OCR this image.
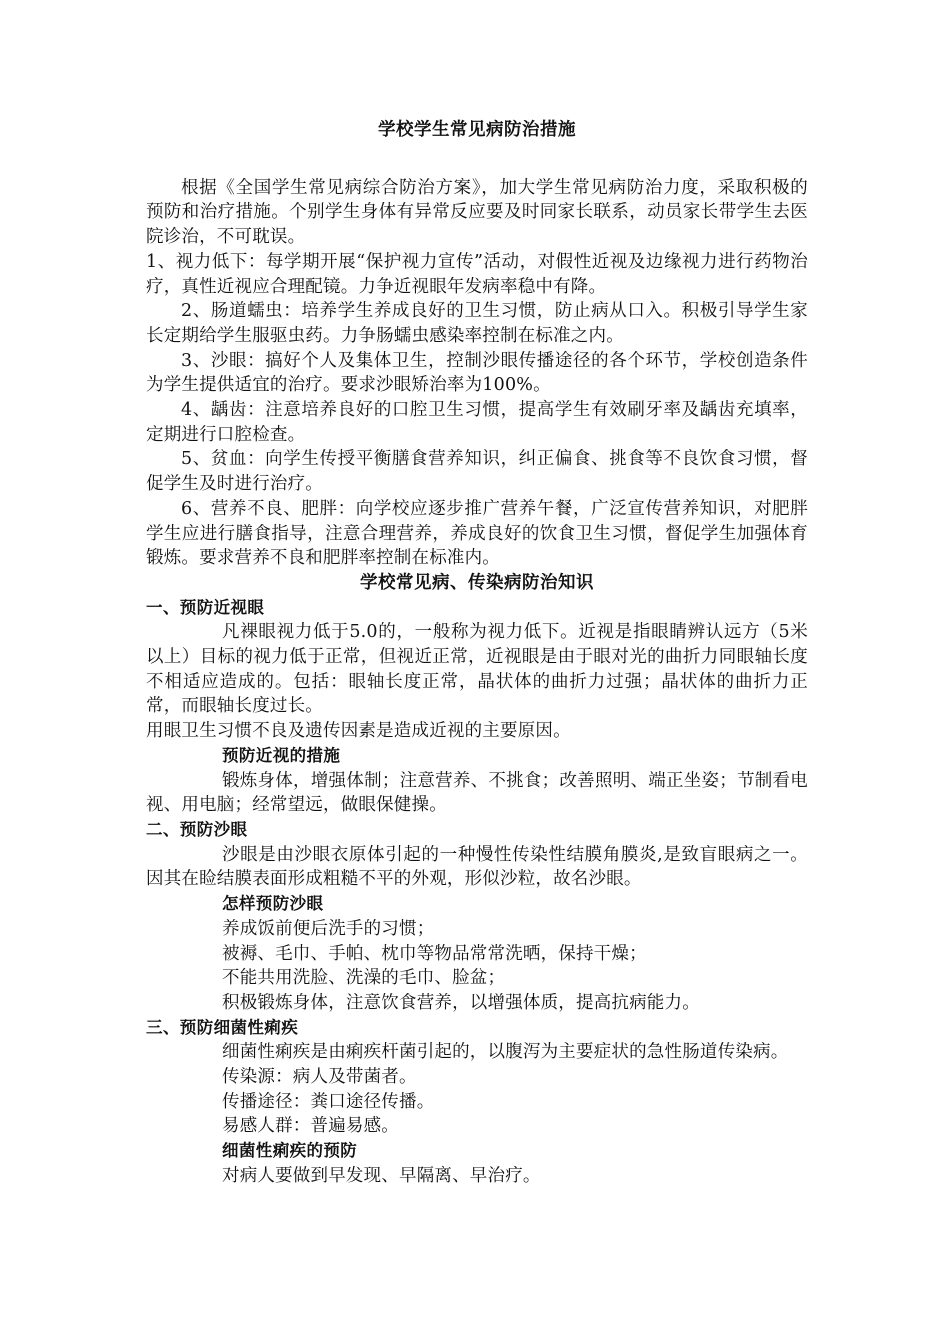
学校学生常见病防治措施

根据《全国学生常见病综合防治方案》，加大学生常见病防治力度，采取积极的预防和治疗措施。个别学生身体有异常反应要及时同家长联系，动员家长带学生去医院诊治，不可耽误。

1、视力低下：每学期开展“保护视力宣传”活动，对假性近视及边缘视力进行药物治疗，真性近视应合理配镜。力争近视眼年发病率稳中有降。

2、肠道蠕虫：培养学生养成良好的卫生习惯，防止病从口入。积极引导学生家长定期给学生服驱虫药。力争肠蠕虫感染率控制在标准之内。

3、沙眼：搞好个人及集体卫生，控制沙眼传播途径的各个环节，学校创造条件为学生提供适宜的治疗。要求沙眼矫治率为100%。

4、龋齿：注意培养良好的口腔卫生习惯，提高学生有效刷牙率及龋齿充填率，定期进行口腔检查。

5、贫血：向学生传授平衡膳食营养知识，纠正偏食、挑食等不良饮食习惯，督促学生及时进行治疗。

6、营养不良、肥胖：向学校应逐步推广营养午餐，广泛宣传营养知识，对肥胖学生应进行膳食指导，注意合理营养，养成良好的饮食卫生习惯，督促学生加强体育锻炼。要求营养不良和肥胖率控制在标准内。

学校常见病、传染病防治知识
一、预防近视眼

凡裸眼视力低于5.0的，一般称为视力低下。近视是指眼睛辨认远方（5米以上）目标的视力低于正常，但视近正常，近视眼是由于眼对光的曲折力同眼轴长度不相适应造成的。包括：眼轴长度正常，晶状体的曲折力过强；晶状体的曲折力正常，而眼轴长度过长。

用眼卫生习惯不良及遗传因素是造成近视的主要原因。

预防近视的措施

锻炼身体，增强体制；注意营养、不挑食；改善照明、端正坐姿；节制看电视、用电脑；经常望远，做眼保健操。

二、预防沙眼

沙眼是由沙眼衣原体引起的一种慢性传染性结膜角膜炎,是致盲眼病之一。因其在睑结膜表面形成粗糙不平的外观，形似沙粒，故名沙眼。

怎样预防沙眼

养成饭前便后洗手的习惯；

被褥、毛巾、手帕、枕巾等物品常常洗晒，保持干燥；

不能共用洗脸、洗澡的毛巾、脸盆；

积极锻炼身体，注意饮食营养，以增强体质，提高抗病能力。

三、预防细菌性痢疾

细菌性痢疾是由痢疾杆菌引起的，以腹泻为主要症状的急性肠道传染病。

传染源：病人及带菌者。

传播途径：粪口途径传播。

易感人群：普遍易感。

细菌性痢疾的预防

对病人要做到早发现、早隔离、早治疗。
